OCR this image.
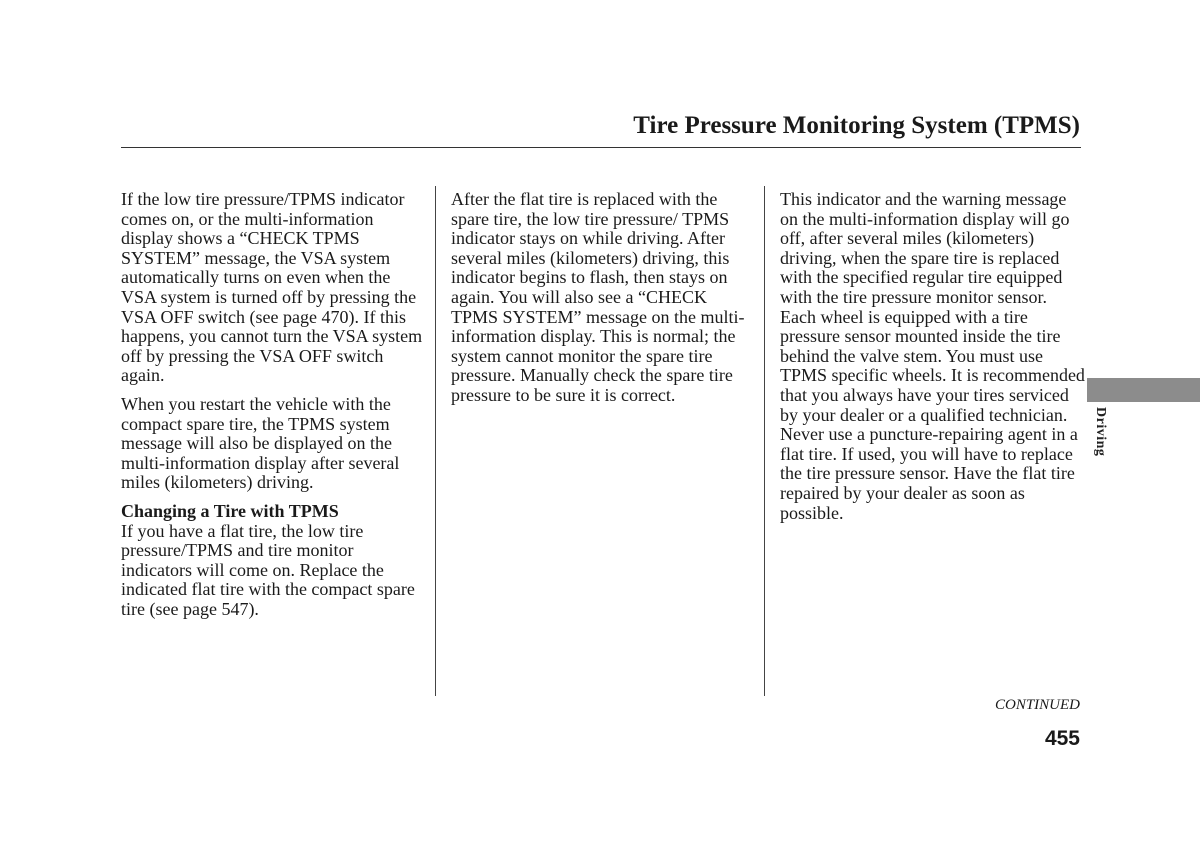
Tire Pressure Monitoring System (TPMS)

If the low tire pressure/TPMS indicator comes on, or the multi-information display shows a “CHECK TPMS SYSTEM” message, the VSA system automatically turns on even when the VSA system is turned off by pressing the VSA OFF switch (see page 470). If this happens, you cannot turn the VSA system off by pressing the VSA OFF switch again.

When you restart the vehicle with the compact spare tire, the TPMS system message will also be displayed on the multi-information display after several miles (kilometers) driving.

Changing a Tire with TPMS

If you have a flat tire, the low tire pressure/TPMS and tire monitor indicators will come on. Replace the indicated flat tire with the compact spare tire (see page 547).

After the flat tire is replaced with the spare tire, the low tire pressure/ TPMS indicator stays on while driving. After several miles (kilometers) driving, this indicator begins to flash, then stays on again. You will also see a “CHECK TPMS SYSTEM” message on the multi-information display. This is normal; the system cannot monitor the spare tire pressure. Manually check the spare tire pressure to be sure it is correct.

This indicator and the warning message on the multi-information display will go off, after several miles (kilometers) driving, when the spare tire is replaced with the specified regular tire equipped with the tire pressure monitor sensor.

Each wheel is equipped with a tire pressure sensor mounted inside the tire behind the valve stem. You must use TPMS specific wheels. It is recommended that you always have your tires serviced by your dealer or a qualified technician.

Never use a puncture-repairing agent in a flat tire. If used, you will have to replace the tire pressure sensor. Have the flat tire repaired by your dealer as soon as possible.

Driving
CONTINUED
455
